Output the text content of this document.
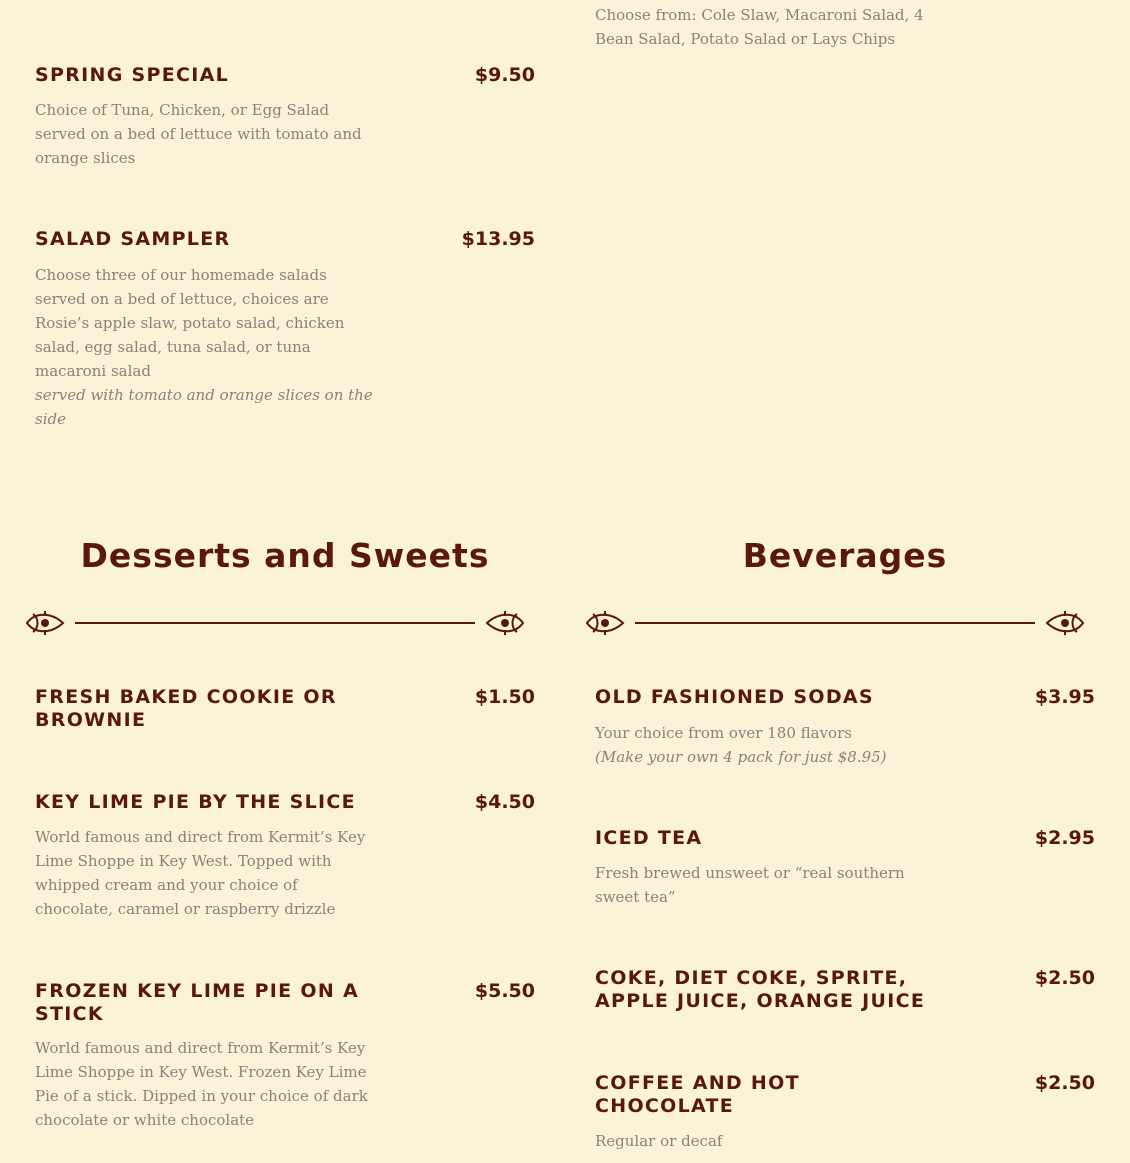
SPRING SPECIAL	$9.50
Choice of Tuna, Chicken, or Egg Salad served on a bed of lettuce with tomato and orange slices
SALAD SAMPLER	$13.95
Choose three of our homemade salads served on a bed of lettuce, choices are Rosie’s apple slaw, potato salad, chicken salad, egg salad, tuna salad, or tuna macaroni salad
served with tomato and orange slices on the side
Choose from: Cole Slaw, Macaroni Salad, 4 Bean Salad, Potato Salad or Lays Chips
Desserts and Sweets
FRESH BAKED COOKIE OR BROWNIE
$1.50
KEY LIME PIE BY THE SLICE	$4.50
World famous and direct from Kermit’s Key Lime Shoppe in Key West. Topped with whipped cream and your choice of chocolate, caramel or raspberry drizzle
FROZEN KEY LIME PIE ON A STICK
$5.50
World famous and direct from Kermit’s Key Lime Shoppe in Key West. Frozen Key Lime Pie of a stick. Dipped in your choice of dark chocolate or white chocolate
Beverages
OLD FASHIONED SODAS	$3.95
Your choice from over 180 flavors
(Make your own 4 pack for just $8.95)
ICED TEA	$2.95
Fresh brewed unsweet or “real southern sweet tea”
COKE, DIET COKE, SPRITE, APPLE JUICE, ORANGE JUICE
$2.50
COFFEE AND HOT CHOCOLATE
$2.50
Regular or decaf
